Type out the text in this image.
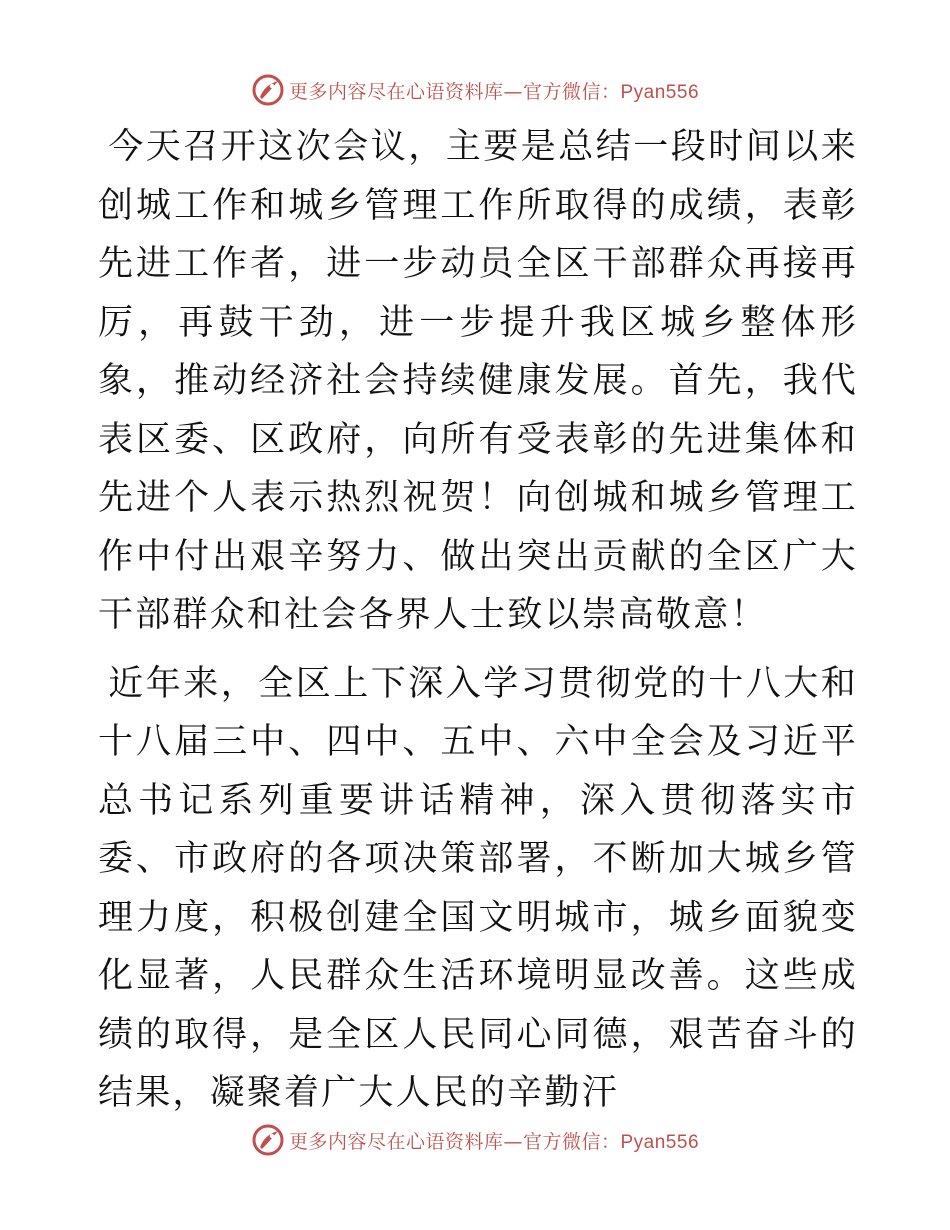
更多内容尽在心语资料库—官方微信：Pyan556

今天召开这次会议，主要是总结一段时间以来创城工作和城乡管理工作所取得的成绩，表彰先进工作者，进一步动员全区干部群众再接再厉，再鼓干劲，进一步提升我区城乡整体形象，推动经济社会持续健康发展。首先，我代表区委、区政府，向所有受表彰的先进集体和先进个人表示热烈祝贺！向创城和城乡管理工作中付出艰辛努力、做出突出贡献的全区广大干部群众和社会各界人士致以崇高敬意！

近年来，全区上下深入学习贯彻党的十八大和十八届三中、四中、五中、六中全会及习近平总书记系列重要讲话精神，深入贯彻落实市委、市政府的各项决策部署，不断加大城乡管理力度，积极创建全国文明城市，城乡面貌变化显著，人民群众生活环境明显改善。这些成绩的取得，是全区人民同心同德，艰苦奋斗的结果，凝聚着广大人民的辛勤汗

更多内容尽在心语资料库—官方微信：Pyan556
